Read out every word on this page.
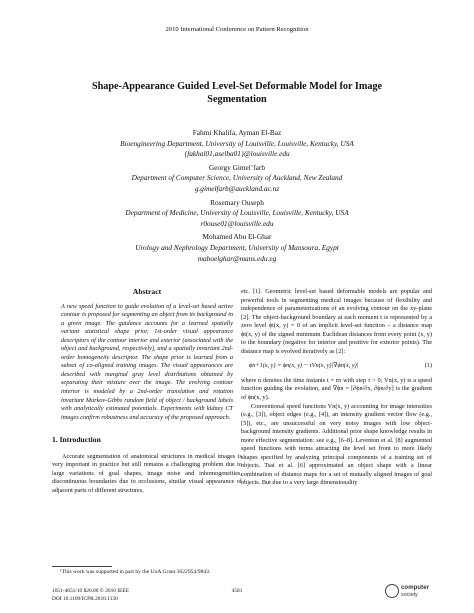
2010 International Conference on Pattern Recognition
Shape-Appearance Guided Level-Set Deformable Model for Image
Segmentation
Fahmi Khalifa, Ayman El-Baz
Bioengineering Department, University of Louisville, Louisville, Kentucky, USA
{fakhal01,aselba01}@louisville.edu
Georgy Gimel’farb
Department of Computer Science, University of Auckland, New Zealand
g.gimelfarb@auckland.ac.nz
Rosemary Ouseph
Department of Medicine, University of Louisville, Louisville, Kentucky, USA
r0ouse01@louisville.edu
Mohamed Abu El-Ghar
Urology and Nephrology Department, University of Mansoura, Egypt
maboelghar@mans.edu.eg
Abstract

A new speed function to guide evolution of a level-set based active contour is proposed for segmenting an object from its background in a given image. The guidance accounts for a learned spatially variant statistical shape prior, 1st-order visual appearance descriptors of the contour interior and exterior (associated with the object and background, respectively), and a spatially invariant 2nd-order homogeneity descriptor. The shape prior is learned from a subset of co-aligned training images. The visual appearances are described with marginal gray level distributions obtained by separating their mixture over the image. The evolving contour interior is modeled by a 2nd-order translation and rotation invariant Markov-Gibbs random field of object / background labels with analytically estimated potentials. Experiments with kidney CT images confirm robustness and accuracy of the proposed approach.

1. Introduction

Accurate segmentation of anatomical structures in medical images is very important in practice but still remains a challenging problem due to large variations of goal shapes, image noise and inhomogeneities, discontinuous boundaries due to occlusions, similar visual appearance of adjacent parts of different structures,

etc. [1]. Geometric level-set based deformable models are popular and powerful tools in segmenting medical images because of flexibility and independence of parameterizations of an evolving contour on the xy-plane [2]. The object-background boundary at each moment t is represented by a zero level ϕt(x, y) = 0 of an implicit level-set function – a distance map ϕt(x, y) of the signed minimum Euclidean distances from every point (x, y) to the boundary (negative for interior and positive for exterior points). The distance map is evolved iteratively as [2]:

ϕn+1(x, y) = ϕn(x, y) − τVn(x, y)|∇ϕn(x, y)|	(1)

where n denotes the time instants t = nτ with step τ > 0; Vn(x, y) is a speed function guiding the evolution, and ∇ϕn = [∂ϕn/∂x, ∂ϕn/∂y] is the gradient of ϕn(x, y).

Conventional speed functions Vn(x, y) accounting for image intensities (e.g., [3]), object edges (e.g., [4]), an intensity gradient vector flow (e.g., [5]), etc., are unsuccessful on very noisy images with low object-background intensity gradients. Additional prior shape knowledge results in more effective segmentation: see e.g., [6–8]. Leventon et al. [8] augmented speed functions with terms attracting the level set front to more likely shapes specified by analyzing principal components of a training set of objects. Tsai et al. [6] approximated an object shape with a linear combination of distance maps for a set of mutually aligned images of goal objects. But due to a very large dimensionality

¹This work was supported in part by the UoA Grant 3622954/9843.
1051-4651/10 $26.00 © 2010 IEEE
DOI 10.1109/ICPR.2010.1130
4581	computer
society
